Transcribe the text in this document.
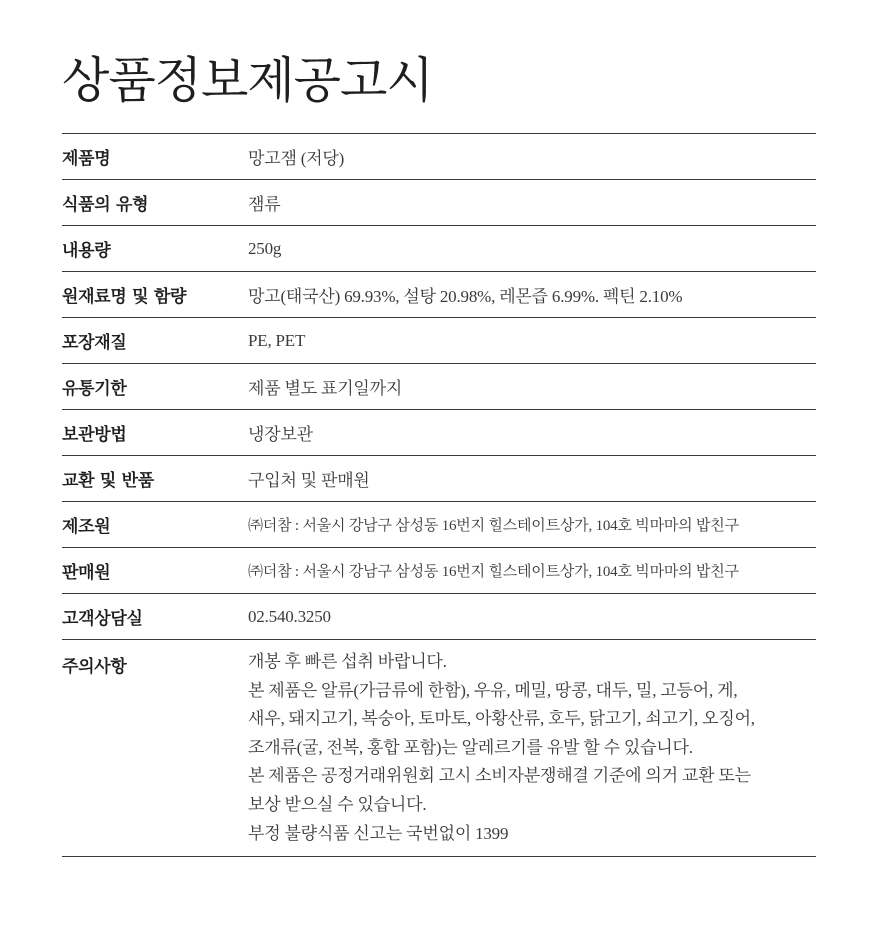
상품정보제공고시
제품명	망고잼 (저당)
식품의 유형	잼류
내용량	250g
원재료명 및 함량	망고(태국산) 69.93%, 설탕 20.98%, 레몬즙 6.99%. 펙틴 2.10%
포장재질	PE, PET
유통기한	제품 별도 표기일까지
보관방법	냉장보관
교환 및 반품	구입처 및 판매원
제조원	㈜더참 : 서울시 강남구 삼성동 16번지 힐스테이트상가, 104호 빅마마의 밥친구
판매원	㈜더참 : 서울시 강남구 삼성동 16번지 힐스테이트상가, 104호 빅마마의 밥친구
고객상담실	02.540.3250
주의사항	개봉 후 빠른 섭취 바랍니다.
본 제품은 알류(가금류에 한함), 우유, 메밀, 땅콩, 대두, 밀, 고등어, 게,
새우, 돼지고기, 복숭아, 토마토, 아황산류, 호두, 닭고기, 쇠고기, 오징어,
조개류(굴, 전복, 홍합 포함)는 알레르기를 유발 할 수 있습니다.
본 제품은 공정거래위원회 고시 소비자분쟁해결 기준에 의거 교환 또는
보상 받으실 수 있습니다.
부정 불량식품 신고는 국번없이 1399
